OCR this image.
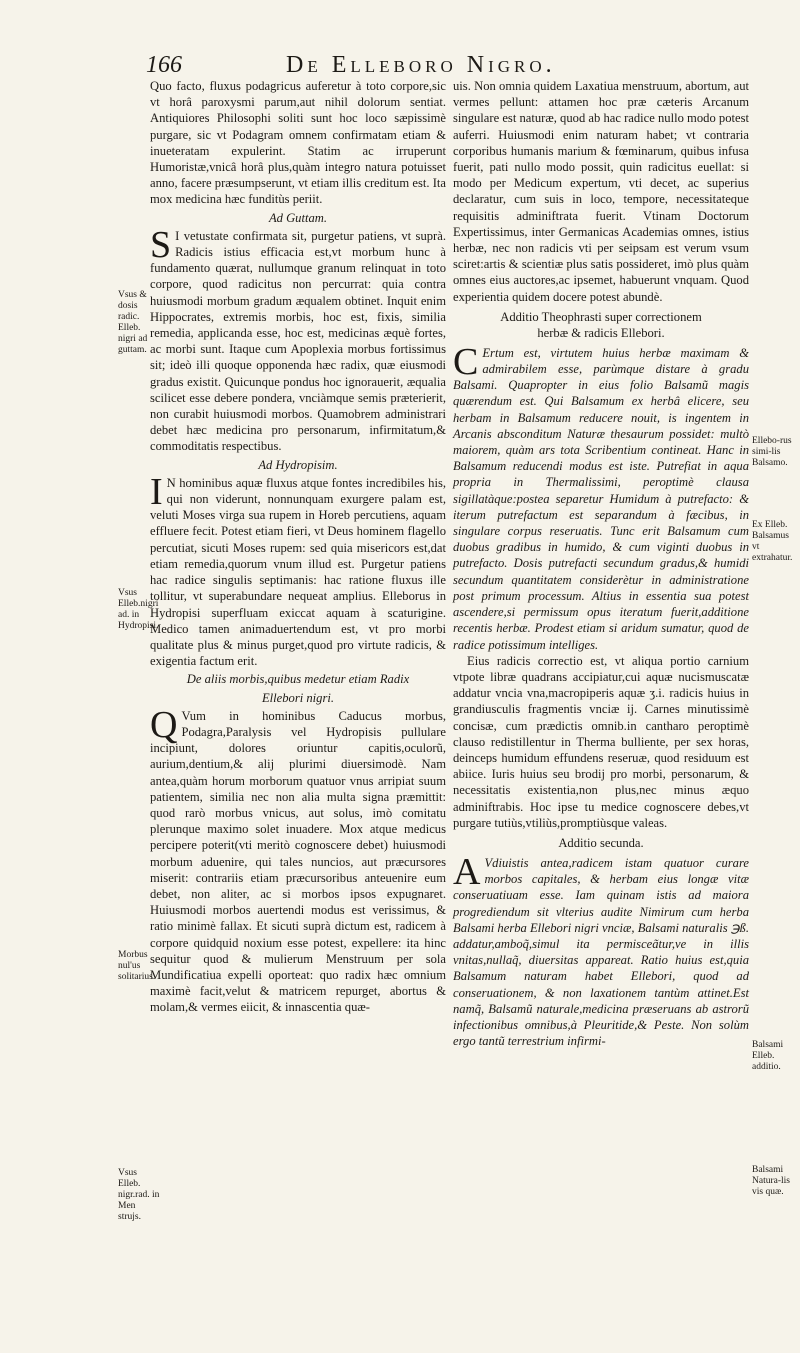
166	De Elleboro Nigro.

Quo facto, fluxus podagricus auferetur à toto corpore,sic vt horâ paroxysmi parum,aut nihil dolorum sentiat. Antiquiores Philosophi soliti sunt hoc loco sæpissimè purgare, sic vt Podagram omnem confirmatam etiam & inueteratam expulerint. Statim ac irruperunt Humoristæ,vnicâ horâ plus,quàm integro natura potuisset anno, facere præsumpserunt, vt etiam illis creditum est. Ita mox medicina hæc funditùs periit.

Ad Guttam.

S I vetustate confirmata sit, purgetur patiens, vt suprà. Radicis istius efficacia est,vt morbum hunc à fundamento quærat, nullumque granum relinquat in toto corpore, quod radicitus non percurrat: quia contra huiusmodi morbum gradum æqualem obtinet. Inquit enim Hippocrates, extremis morbis, hoc est, fixis, similia remedia, applicanda esse, hoc est, medicinas æquè fortes, ac morbi sunt. Itaque cum Apoplexia morbus fortissimus sit; ideò illi quoque opponenda hæc radix, quæ eiusmodi gradus existit. Quicunque pondus hoc ignorauerit, æqualia scilicet esse debere pondera, vnciàmque semis præterierit, non curabit huiusmodi morbos. Quamobrem administrari debet hæc medicina pro personarum, infirmitatum,& commoditatis respectibus.

Ad Hydropisim.

I N hominibus aquæ fluxus atque fontes incredibiles his, qui non viderunt, nonnunquam exurgere palam est, veluti Moses virga sua rupem in Horeb percutiens, aquam effluere fecit. Potest etiam fieri, vt Deus hominem flagello percutiat, sicuti Moses rupem: sed quia misericors est,dat etiam remedia,quorum vnum illud est. Purgetur patiens hac radice singulis septimanis: hac ratione fluxus ille tollitur, vt superabundare nequeat amplius. Elleborus in Hydropisi superfluam exiccat aquam à scaturigine. Medico tamen animaduertendum est, vt pro morbi qualitate plus & minus purget,quod pro virtute radicis, & exigentia factum erit.

De aliis morbis,quibus medetur etiam Radix
Ellebori nigri.

Q Vum in hominibus Caducus morbus, Podagra,Paralysis vel Hydropisis pullulare incipiunt, dolores oriuntur capitis,oculorũ, aurium,dentium,& alij plurimi diuersimodè. Nam antea,quàm horum morborum quatuor vnus arripiat suum patientem, similia nec non alia multa signa præmittit: quod rarò morbus vnicus, aut solus, imò comitatu plerunque maximo solet inuadere. Mox atque medicus percipere poterit(vti meritò cognoscere debet) huiusmodi morbum aduenire, qui tales nuncios, aut præcursores miserit: contrariis etiam præcursoribus anteuenire eum debet, non aliter, ac si morbos ipsos expugnaret. Huiusmodi morbos auertendi modus est verissimus, & ratio minimè fallax. Et sicuti suprà dictum est, radicem à corpore quidquid noxium esse potest, expellere: ita hinc sequitur quod & mulierum Menstruum per sola Mundificatiua expelli oporteat: quo radix hæc omnium maximè facit,velut & matricem repurget, abortus & molam,& vermes eiicit, & innascentia quæ-

uis. Non omnia quidem Laxatiua menstruum, abortum, aut vermes pellunt: attamen hoc præ cæteris Arcanum singulare est naturæ, quod ab hac radice nullo modo potest auferri. Huiusmodi enim naturam habet; vt contraria corporibus humanis marium & fœminarum, quibus infusa fuerit, pati nullo modo possit, quin radicitus euellat: si modo per Medicum expertum, vti decet, ac superius declaratur, cum suis in loco, tempore, necessitateque requisitis adminiftrata fuerit. Vtinam Doctorum Expertissimus, inter Germanicas Academias omnes, istius herbæ, nec non radicis vti per seipsam est verum vsum sciret:artis & scientiæ plus satis possideret, imò plus quàm omnes eius auctores,ac ipsemet, habuerunt vnquam. Quod experientia quidem docere potest abundè.

Additio Theophrasti super correctionem
herbæ & radicis Ellebori.

C Ertum est, virtutem huius herbæ maximam & admirabilem esse, parùmque distare à gradu Balsami. Quapropter in eius folio Balsamũ magis quærendum est. Qui Balsamum ex herbâ elicere, seu herbam in Balsamum reducere nouit, is ingentem in Arcanis absconditum Naturæ thesaurum possidet: multò maiorem, quàm ars tota Scribentium contineat. Hanc in Balsamum reducendi modus est iste. Putrefiat in aqua propria in Thermalissimi, peroptimè clausa sigillatàque:postea separetur Humidum à putrefacto: & iterum putrefactum est separandum à fæcibus, in singulare corpus reseruatis. Tunc erit Balsamum cum duobus gradibus in humido, & cum viginti duobus in putrefacto. Dosis putrefacti secundum gradus,& humidi secundum quantitatem considerètur in administratione post primum processum. Altius in essentia sua potest ascendere,si permissum opus iteratum fuerit,additione recentis herbæ. Prodest etiam si aridum sumatur, quod de radice potissimum intelliges.

Eius radicis correctio est, vt aliqua portio carnium vtpote libræ quadrans accipiatur,cui aquæ nucismuscatæ addatur vncia vna,macropiperis aquæ ʒ.i. radicis huius in grandiusculis fragmentis vnciæ ij. Carnes minutissimè concisæ, cum prædictis omnib.in cantharo peroptimè clauso redistillentur in Therma bulliente, per sex horas, deinceps humidum effundens reseruæ, quod residuum est abiice. Iuris huius seu brodij pro morbi, personarum, & necessitatis existentia,non plus,nec minus æquo adminiftrabis. Hoc ipse tu medice cognoscere debes,vt purgare tutiùs,vtiliùs,promptiùsque valeas.

Additio secunda.

A Vdiuistis antea,radicem istam quatuor curare morbos capitales, & herbam eius longæ vitæ conseruatiuam esse. Iam quinam istis ad maiora progrediendum sit vlterius audite Nimirum cum herba Balsami herba Ellebori nigri vnciæ, Balsami naturalis ℈ß. addatur,amboq̃,simul ita permisceãtur,ve in illis vnitas,nullaq̃, diuersitas appareat. Ratio huius est,quia Balsamum naturam habet Ellebori, quod ad conseruationem, & non laxationem tantùm attinet.Est namq̃, Balsamũ naturale,medicina præseruans ab astrorũ infectionibus omnibus,à Pleuritide,& Peste. Non solùm ergo tantũ terrestrium infirmi-

Vsus & dosis radic. Elleb. nigri ad guttam.
Vsus Elleb.nigri ad. in Hydropisi.
Morbus nul'us solitarius.
Vsus Elleb. nigr.rad. in Men strujs.
Ellebo-rus simi-lis Balsamo.
Ex Elleb. Balsamus vt extrahatur.
Balsami Elleb. additio.
Balsami Natura-lis vis quæ.
